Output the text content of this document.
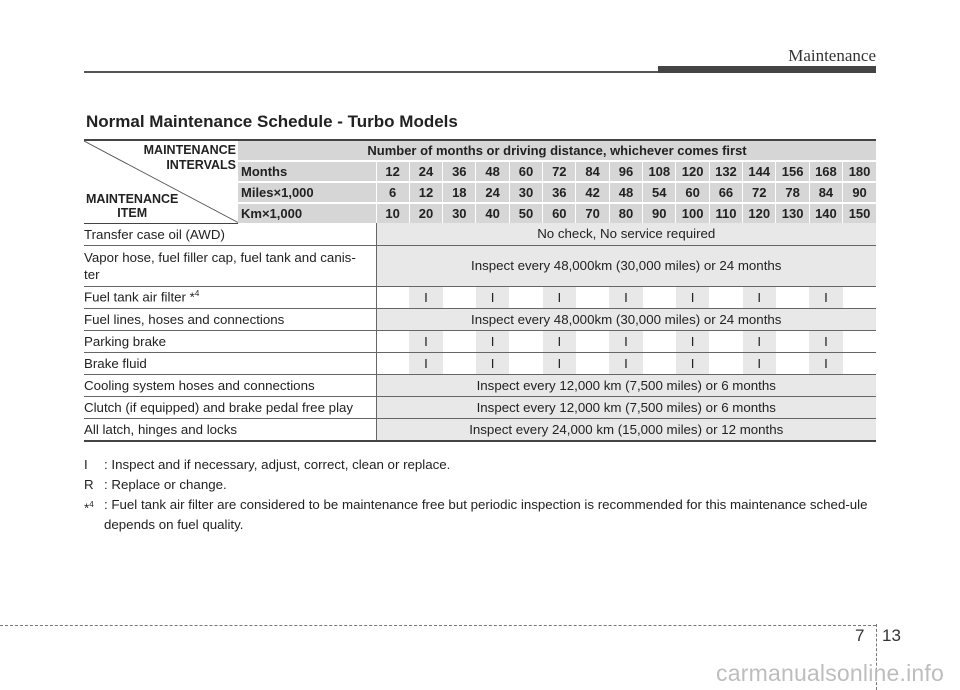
Maintenance
Normal Maintenance Schedule - Turbo Models
MAINTENANCE
INTERVALS
MAINTENANCE
ITEM	Number of months or driving distance, whichever comes first															
	Months	12	24	36	48	60	72	84	96	108	120	132	144	156	168	180
	Miles×1,000	6	12	18	24	30	36	42	48	54	60	66	72	78	84	90
	Km×1,000	10	20	30	40	50	60	70	80	90	100	110	120	130	140	150
Transfer case oil (AWD)		No check, No service required														
Vapor hose, fuel filler cap, fuel tank and canis-ter		Inspect every 48,000km (30,000 miles) or 24 months														
Fuel tank air filter *$^4$			I		I		I		I		I		I		I	
Fuel lines, hoses and connections		Inspect every 48,000km (30,000 miles) or 24 months														
Parking brake			I		I		I		I		I		I		I	
Brake fluid			I		I		I		I		I		I		I	
Cooling system hoses and connections		Inspect every 12,000 km (7,500 miles) or 6 months														
Clutch (if equipped) and brake pedal free play		Inspect every 12,000 km (7,500 miles) or 6 months														
All latch, hinges and locks		Inspect every 24,000 km (15,000 miles) or 12 months														
I	: Inspect and if necessary, adjust, correct, clean or replace.
R : Replace or change.
*$^4$ : Fuel tank air filter are considered to be maintenance free but periodic inspection is recommended for this maintenance sched-ule depends on fuel quality.
7 13
carmanualsonline.info
